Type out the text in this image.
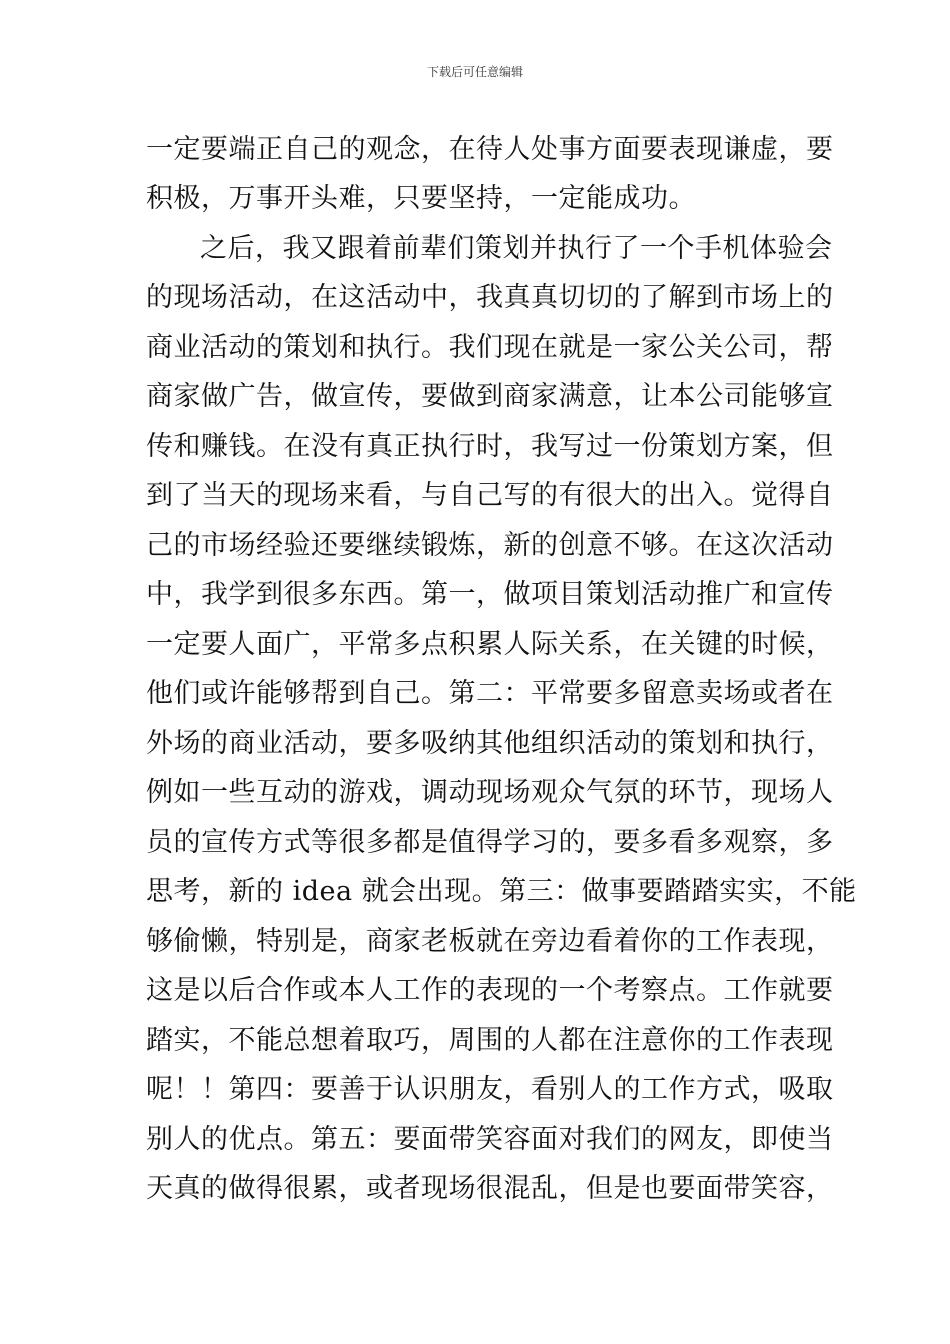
下载后可任意编辑
一定要端正自己的观念，在待人处事方面要表现谦虚，要
积极，万事开头难，只要坚持，一定能成功。
之后，我又跟着前辈们策划并执行了一个手机体验会
的现场活动，在这活动中，我真真切切的了解到市场上的
商业活动的策划和执行。我们现在就是一家公关公司，帮
商家做广告，做宣传，要做到商家满意，让本公司能够宣
传和赚钱。在没有真正执行时，我写过一份策划方案，但
到了当天的现场来看，与自己写的有很大的出入。觉得自
己的市场经验还要继续锻炼，新的创意不够。在这次活动
中，我学到很多东西。第一，做项目策划活动推广和宣传
一定要人面广，平常多点积累人际关系，在关键的时候，
他们或许能够帮到自己。第二：平常要多留意卖场或者在
外场的商业活动，要多吸纳其他组织活动的策划和执行，
例如一些互动的游戏，调动现场观众气氛的环节，现场人
员的宣传方式等很多都是值得学习的，要多看多观察，多
思考，新的 idea 就会出现。第三：做事要踏踏实实，不能
够偷懒，特别是，商家老板就在旁边看着你的工作表现，
这是以后合作或本人工作的表现的一个考察点。工作就要
踏实，不能总想着取巧，周围的人都在注意你的工作表现
呢！！第四：要善于认识朋友，看别人的工作方式，吸取
别人的优点。第五：要面带笑容面对我们的网友，即使当
天真的做得很累，或者现场很混乱，但是也要面带笑容，
